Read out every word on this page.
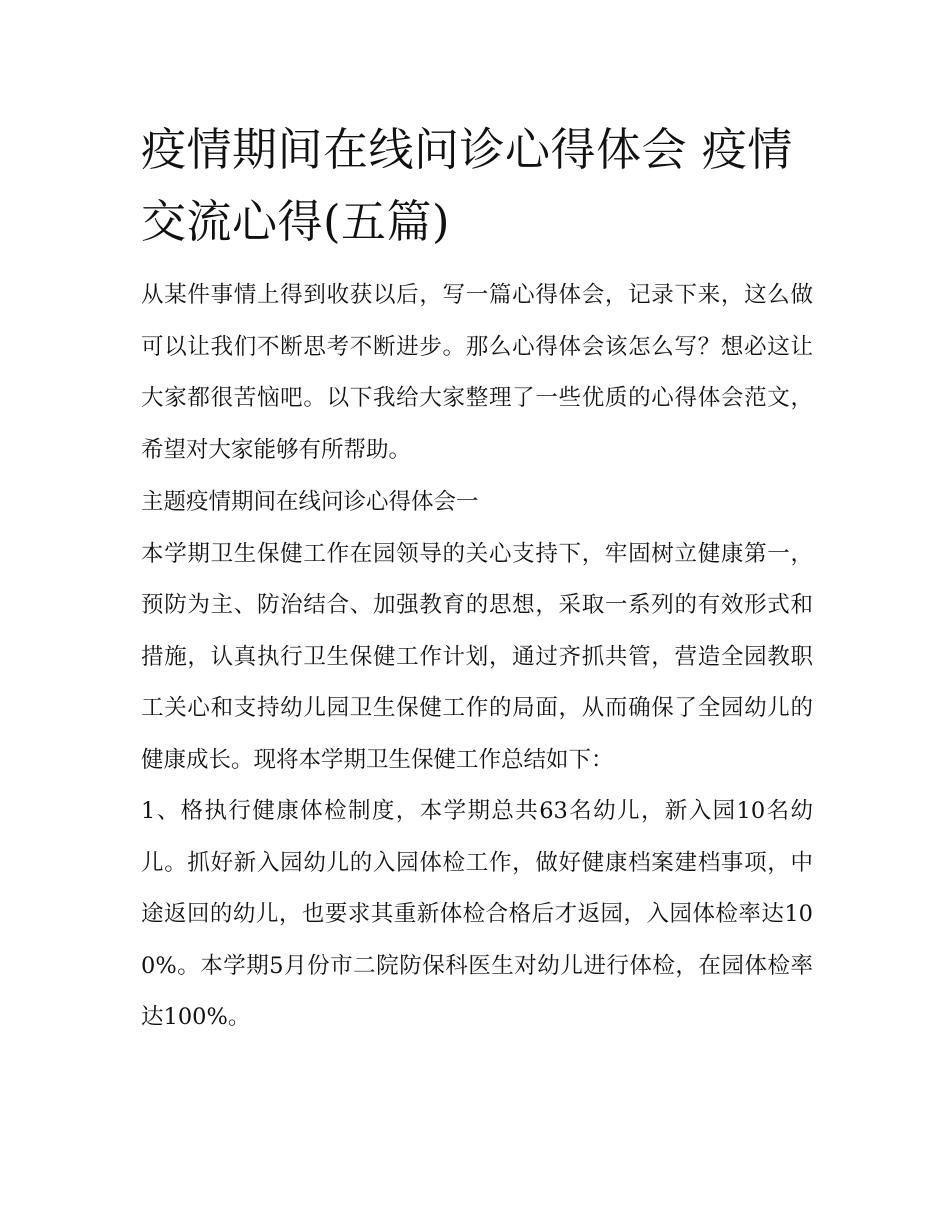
疫情期间在线问诊心得体会 疫情交流心得(五篇)

从某件事情上得到收获以后，写一篇心得体会，记录下来，这么做可以让我们不断思考不断进步。那么心得体会该怎么写？想必这让大家都很苦恼吧。以下我给大家整理了一些优质的心得体会范文，希望对大家能够有所帮助。

主题疫情期间在线问诊心得体会一

本学期卫生保健工作在园领导的关心支持下，牢固树立健康第一，预防为主、防治结合、加强教育的思想，采取一系列的有效形式和措施，认真执行卫生保健工作计划，通过齐抓共管，营造全园教职工关心和支持幼儿园卫生保健工作的局面，从而确保了全园幼儿的健康成长。现将本学期卫生保健工作总结如下：

1、格执行健康体检制度，本学期总共63名幼儿，新入园10名幼儿。抓好新入园幼儿的入园体检工作，做好健康档案建档事项，中途返回的幼儿，也要求其重新体检合格后才返园，入园体检率达100%。本学期5月份市二院防保科医生对幼儿进行体检，在园体检率达100%。
